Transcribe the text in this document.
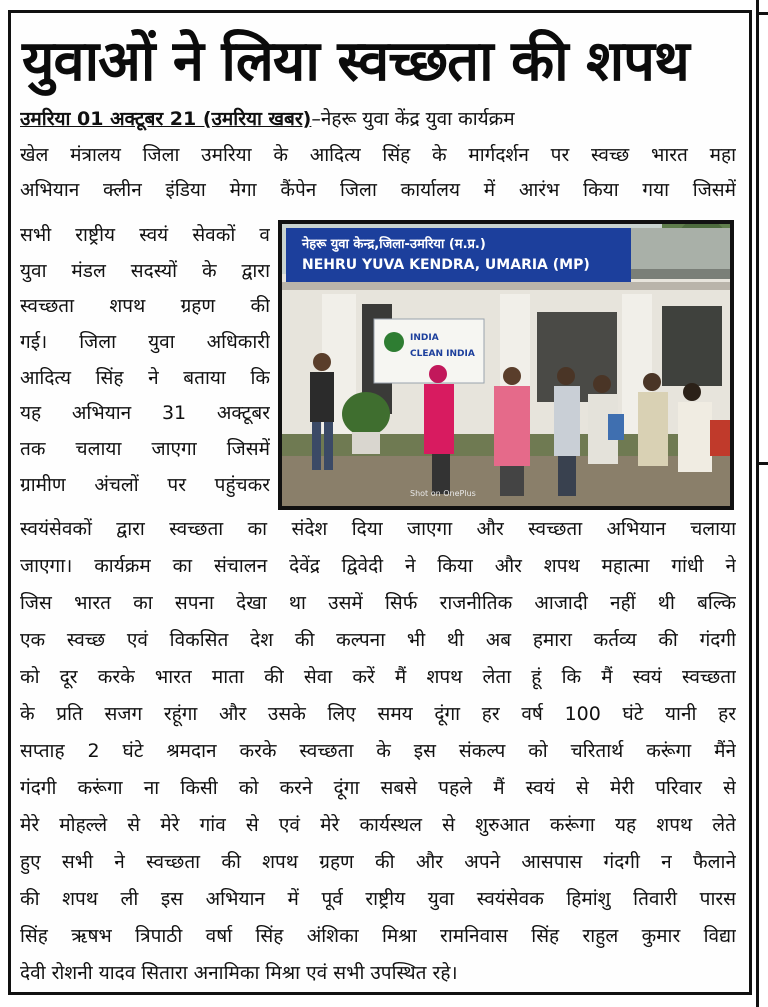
युवाओं ने लिया स्वच्छता की शपथ
उमरिया 01 अक्टूबर 21 (उमरिया खबर)–नेहरू युवा केंद्र युवा कार्यक्रम
खेल मंत्रालय जिला उमरिया के आदित्य सिंह के मार्गदर्शन पर स्वच्छ भारत महा
अभियान क्लीन इंडिया मेगा कैंपेन जिला कार्यालय में आरंभ किया गया जिसमें
सभी राष्ट्रीय स्वयं सेवकों व
युवा मंडल सदस्यों के द्वारा
स्वच्छता शपथ ग्रहण की
गई। जिला युवा अधिकारी
आदित्य सिंह ने बताया कि
यह अभियान 31 अक्टूबर
तक चलाया जाएगा जिसमें
ग्रामीण अंचलों पर पहुंचकर
नेहरू युवा केन्द्र,जिला-उमरिया (म.प्र.)
NEHRU YUVA KENDRA, UMARIA (MP)
INDIA
CLEAN INDIA
Shot on OnePlus
स्वयंसेवकों द्वारा स्वच्छता का संदेश दिया जाएगा और स्वच्छता अभियान चलाया
जाएगा। कार्यक्रम का संचालन देवेंद्र द्विवेदी ने किया और शपथ महात्मा गांधी ने
जिस भारत का सपना देखा था उसमें सिर्फ राजनीतिक आजादी नहीं थी बल्कि
एक स्वच्छ एवं विकसित देश की कल्पना भी थी अब हमारा कर्तव्य की गंदगी
को दूर करके भारत माता की सेवा करें मैं शपथ लेता हूं कि मैं स्वयं स्वच्छता
के प्रति सजग रहूंगा और उसके लिए समय दूंगा हर वर्ष 100 घंटे यानी हर
सप्ताह 2 घंटे श्रमदान करके स्वच्छता के इस संकल्प को चरितार्थ करूंगा मैंने
गंदगी करूंगा ना किसी को करने दूंगा सबसे पहले मैं स्वयं से मेरी परिवार से
मेरे मोहल्ले से मेरे गांव से एवं मेरे कार्यस्थल से शुरुआत करूंगा यह शपथ लेते
हुए सभी ने स्वच्छता की शपथ ग्रहण की और अपने आसपास गंदगी न फैलाने
की शपथ ली इस अभियान में पूर्व राष्ट्रीय युवा स्वयंसेवक हिमांशु तिवारी पारस
सिंह ऋषभ त्रिपाठी वर्षा सिंह अंशिका मिश्रा रामनिवास सिंह राहुल कुमार विद्या
देवी रोशनी यादव सितारा अनामिका मिश्रा एवं सभी उपस्थित रहे।
